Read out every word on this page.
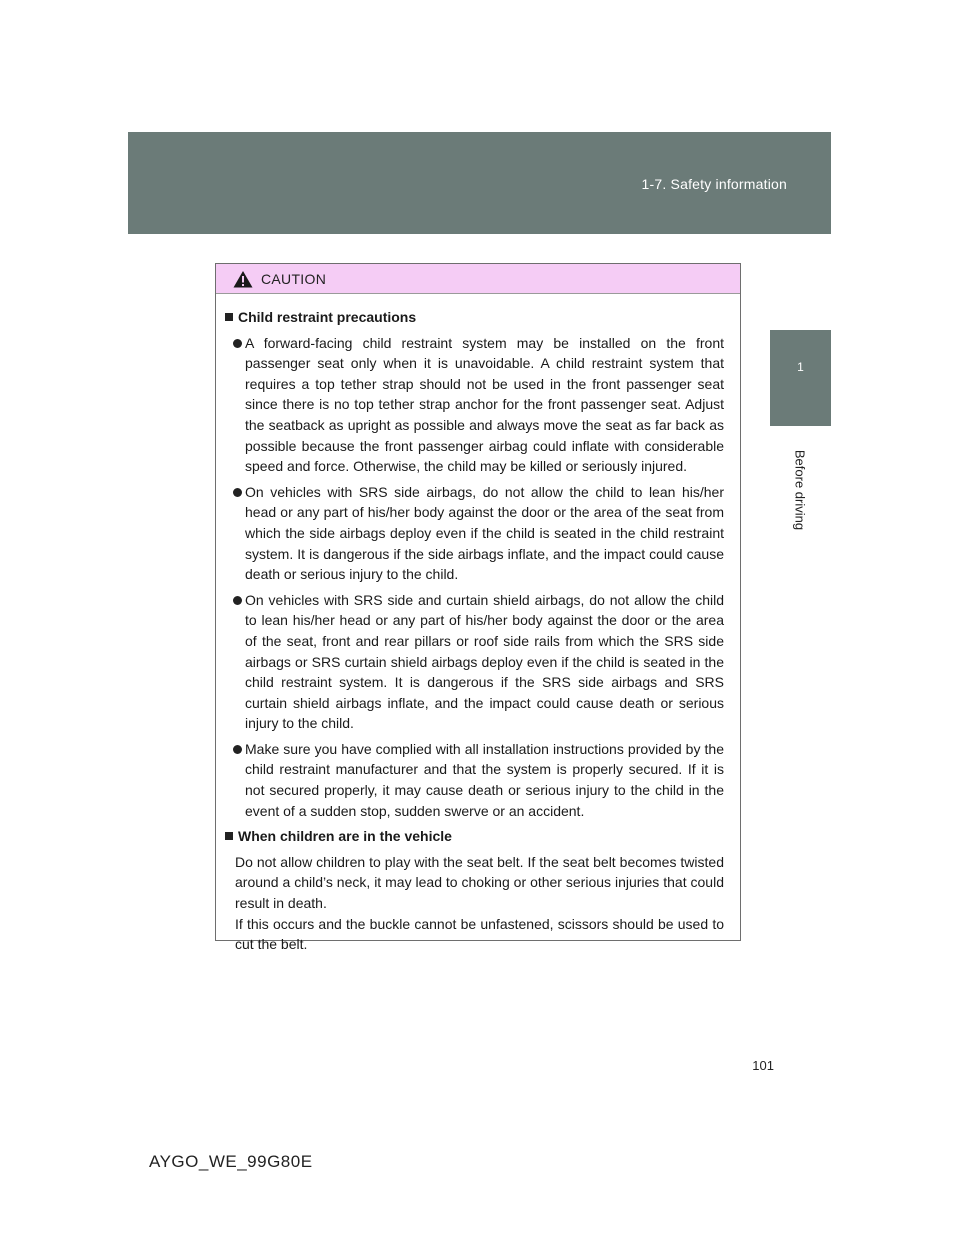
1-7. Safety information
1
Before driving
CAUTION
Child restraint precautions
A forward-facing child restraint system may be installed on the front passenger seat only when it is unavoidable. A child restraint system that requires a top tether strap should not be used in the front passenger seat since there is no top tether strap anchor for the front passenger seat. Adjust the seatback as upright as possible and always move the seat as far back as possible because the front passenger airbag could inflate with considerable speed and force. Otherwise, the child may be killed or seriously injured.
On vehicles with SRS side airbags, do not allow the child to lean his/her head or any part of his/her body against the door or the area of the seat from which the side airbags deploy even if the child is seated in the child restraint system. It is dangerous if the side airbags inflate, and the impact could cause death or serious injury to the child.
On vehicles with SRS side and curtain shield airbags, do not allow the child to lean his/her head or any part of his/her body against the door or the area of the seat, front and rear pillars or roof side rails from which the SRS side airbags or SRS curtain shield airbags deploy even if the child is seated in the child restraint system. It is dangerous if the SRS side airbags and SRS curtain shield airbags inflate, and the impact could cause death or serious injury to the child.
Make sure you have complied with all installation instructions provided by the child restraint manufacturer and that the system is properly secured. If it is not secured properly, it may cause death or serious injury to the child in the event of a sudden stop, sudden swerve or an accident.
When children are in the vehicle
Do not allow children to play with the seat belt. If the seat belt becomes twisted around a child’s neck, it may lead to choking or other serious injuries that could result in death.
If this occurs and the buckle cannot be unfastened, scissors should be used to cut the belt.
101
AYGO_WE_99G80E
